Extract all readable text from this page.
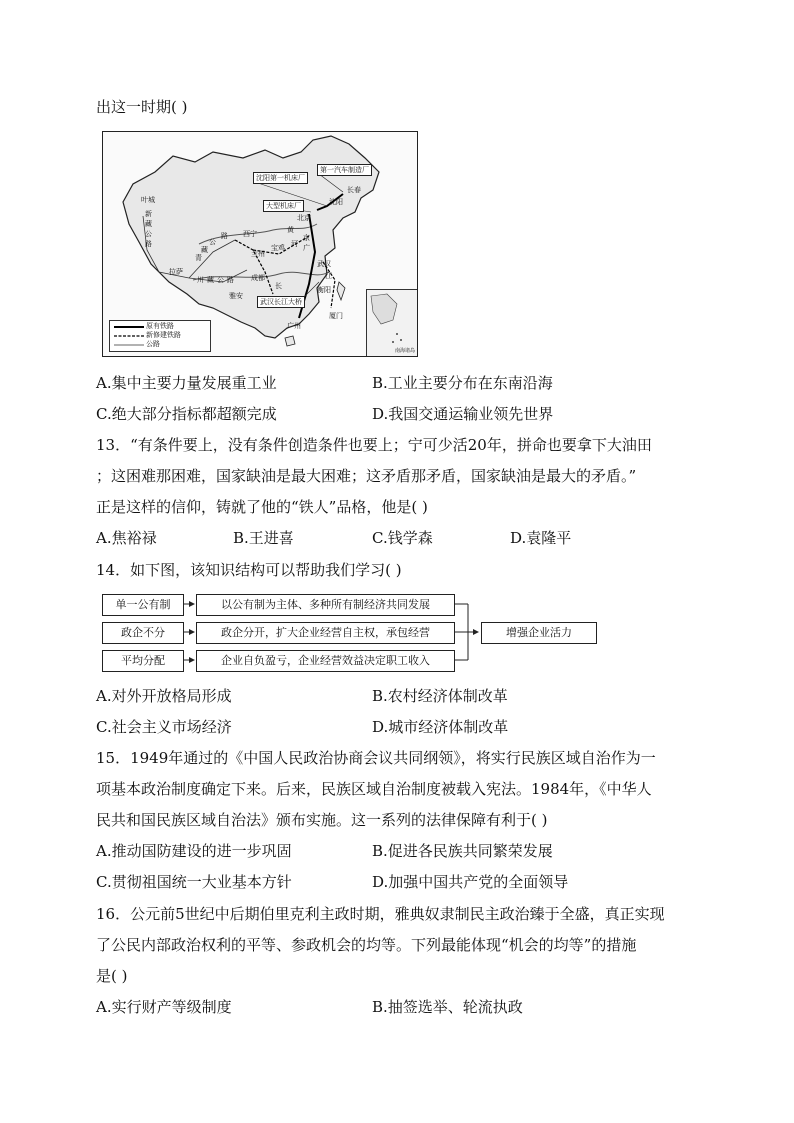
出这一时期( )
沈阳
长春
北京
西宁
兰州
宝鸡
成都
武汉
衡阳
厦门
广州
拉萨
叶城
雅安
新
藏
公
路
青
藏
公
路
川 藏 公 路
京
广
江
黄
河
长
沈阳第一机床厂
第一汽车制造厂
大型机床厂
武汉长江大桥
原有铁路
新修建铁路
公路
南海诸岛
A.集中主要力量发展重工业	B.工业主要分布在东南沿海
C.绝大部分指标都超额完成	D.我国交通运输业领先世界
13．“有条件要上，没有条件创造条件也要上；宁可少活20年，拼命也要拿下大油田
；这困难那困难，国家缺油是最大困难；这矛盾那矛盾，国家缺油是最大的矛盾。”
正是这样的信仰，铸就了他的“铁人”品格，他是( )
A.焦裕禄	B.王进喜	C.钱学森	D.袁隆平
14．如下图，该知识结构可以帮助我们学习( )
单一公有制
政企不分
平均分配
以公有制为主体、多种所有制经济共同发展
政企分开，扩大企业经营自主权，承包经营
企业自负盈亏，企业经营效益决定职工收入
增强企业活力
A.对外开放格局形成	B.农村经济体制改革
C.社会主义市场经济	D.城市经济体制改革
15．1949年通过的《中国人民政治协商会议共同纲领》，将实行民族区域自治作为一
项基本政治制度确定下来。后来，民族区域自治制度被载入宪法。1984年，《中华人
民共和国民族区域自治法》颁布实施。这一系列的法律保障有利于( )
A.推动国防建设的进一步巩固	B.促进各民族共同繁荣发展
C.贯彻祖国统一大业基本方针	D.加强中国共产党的全面领导
16．公元前5世纪中后期伯里克利主政时期，雅典奴隶制民主政治臻于全盛，真正实现
了公民内部政治权利的平等、参政机会的均等。下列最能体现“机会的均等”的措施
是( )
A.实行财产等级制度	B.抽签选举、轮流执政
